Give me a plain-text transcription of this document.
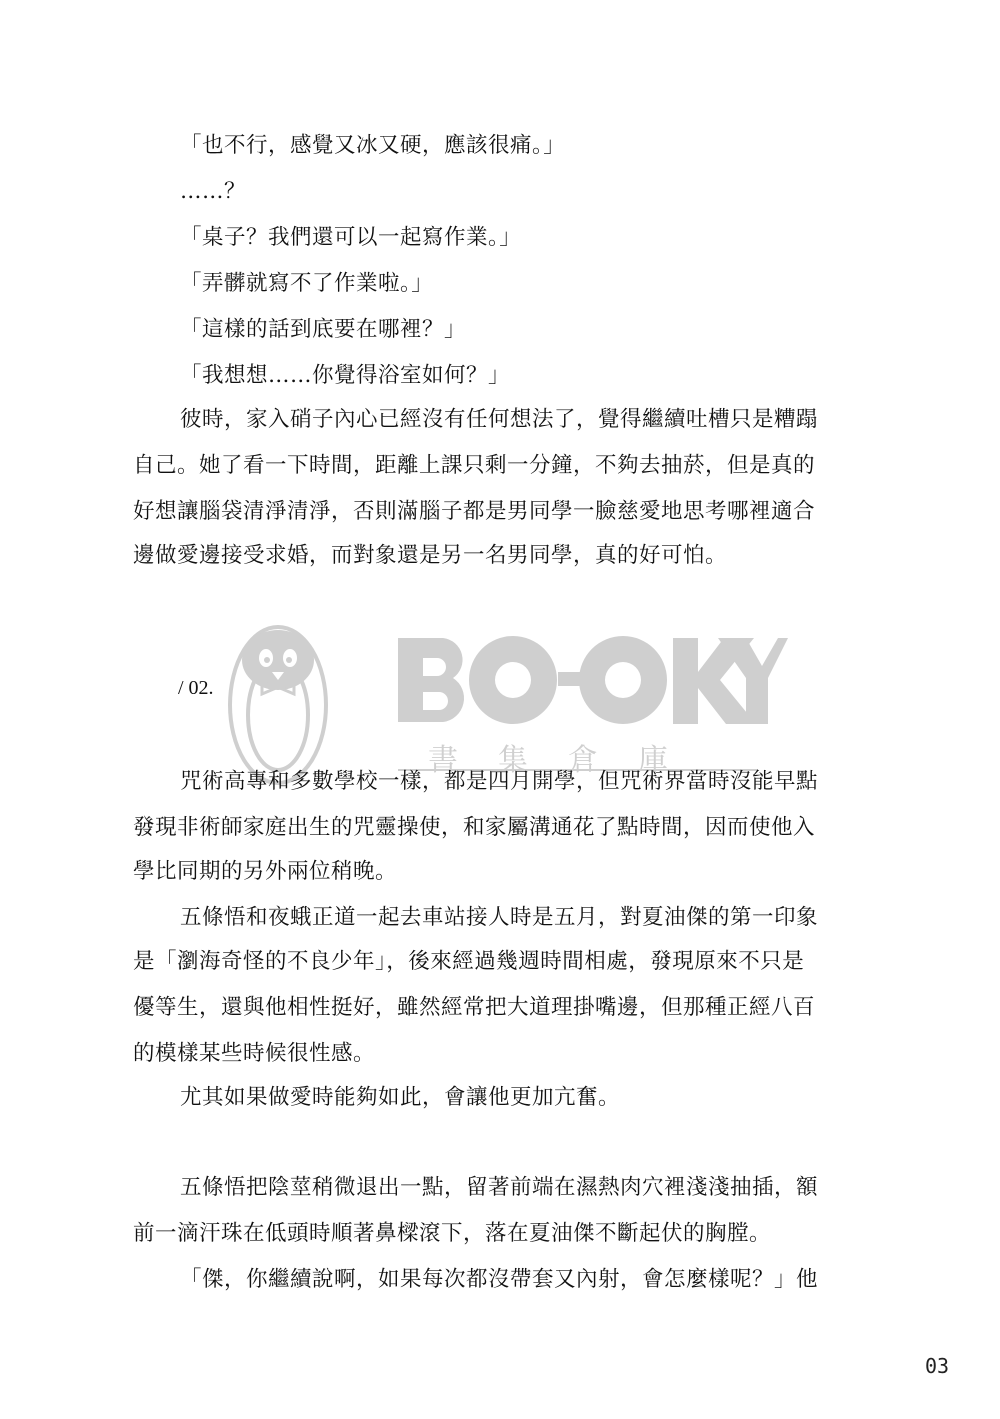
書集倉庫
「也不行，感覺又冰又硬，應該很痛。」
……？
「桌子？我們還可以一起寫作業。」
「弄髒就寫不了作業啦。」
「這樣的話到底要在哪裡？」
「我想想……你覺得浴室如何？」
彼時，家入硝子內心已經沒有任何想法了，覺得繼續吐槽只是糟蹋
自己。她了看一下時間，距離上課只剩一分鐘，不夠去抽菸，但是真的
好想讓腦袋清淨清淨，否則滿腦子都是男同學一臉慈愛地思考哪裡適合
邊做愛邊接受求婚，而對象還是另一名男同學，真的好可怕。
/ 02.
咒術高專和多數學校一樣，都是四月開學，但咒術界當時沒能早點
發現非術師家庭出生的咒靈操使，和家屬溝通花了點時間，因而使他入
學比同期的另外兩位稍晚。
五條悟和夜蛾正道一起去車站接人時是五月，對夏油傑的第一印象
是「瀏海奇怪的不良少年」，後來經過幾週時間相處，發現原來不只是
優等生，還與他相性挺好，雖然經常把大道理掛嘴邊，但那種正經八百
的模樣某些時候很性感。
尤其如果做愛時能夠如此，會讓他更加亢奮。
五條悟把陰莖稍微退出一點，留著前端在濕熱肉穴裡淺淺抽插，額
前一滴汗珠在低頭時順著鼻樑滾下，落在夏油傑不斷起伏的胸膛。
「傑，你繼續說啊，如果每次都沒帶套又內射，會怎麼樣呢？」他
03
